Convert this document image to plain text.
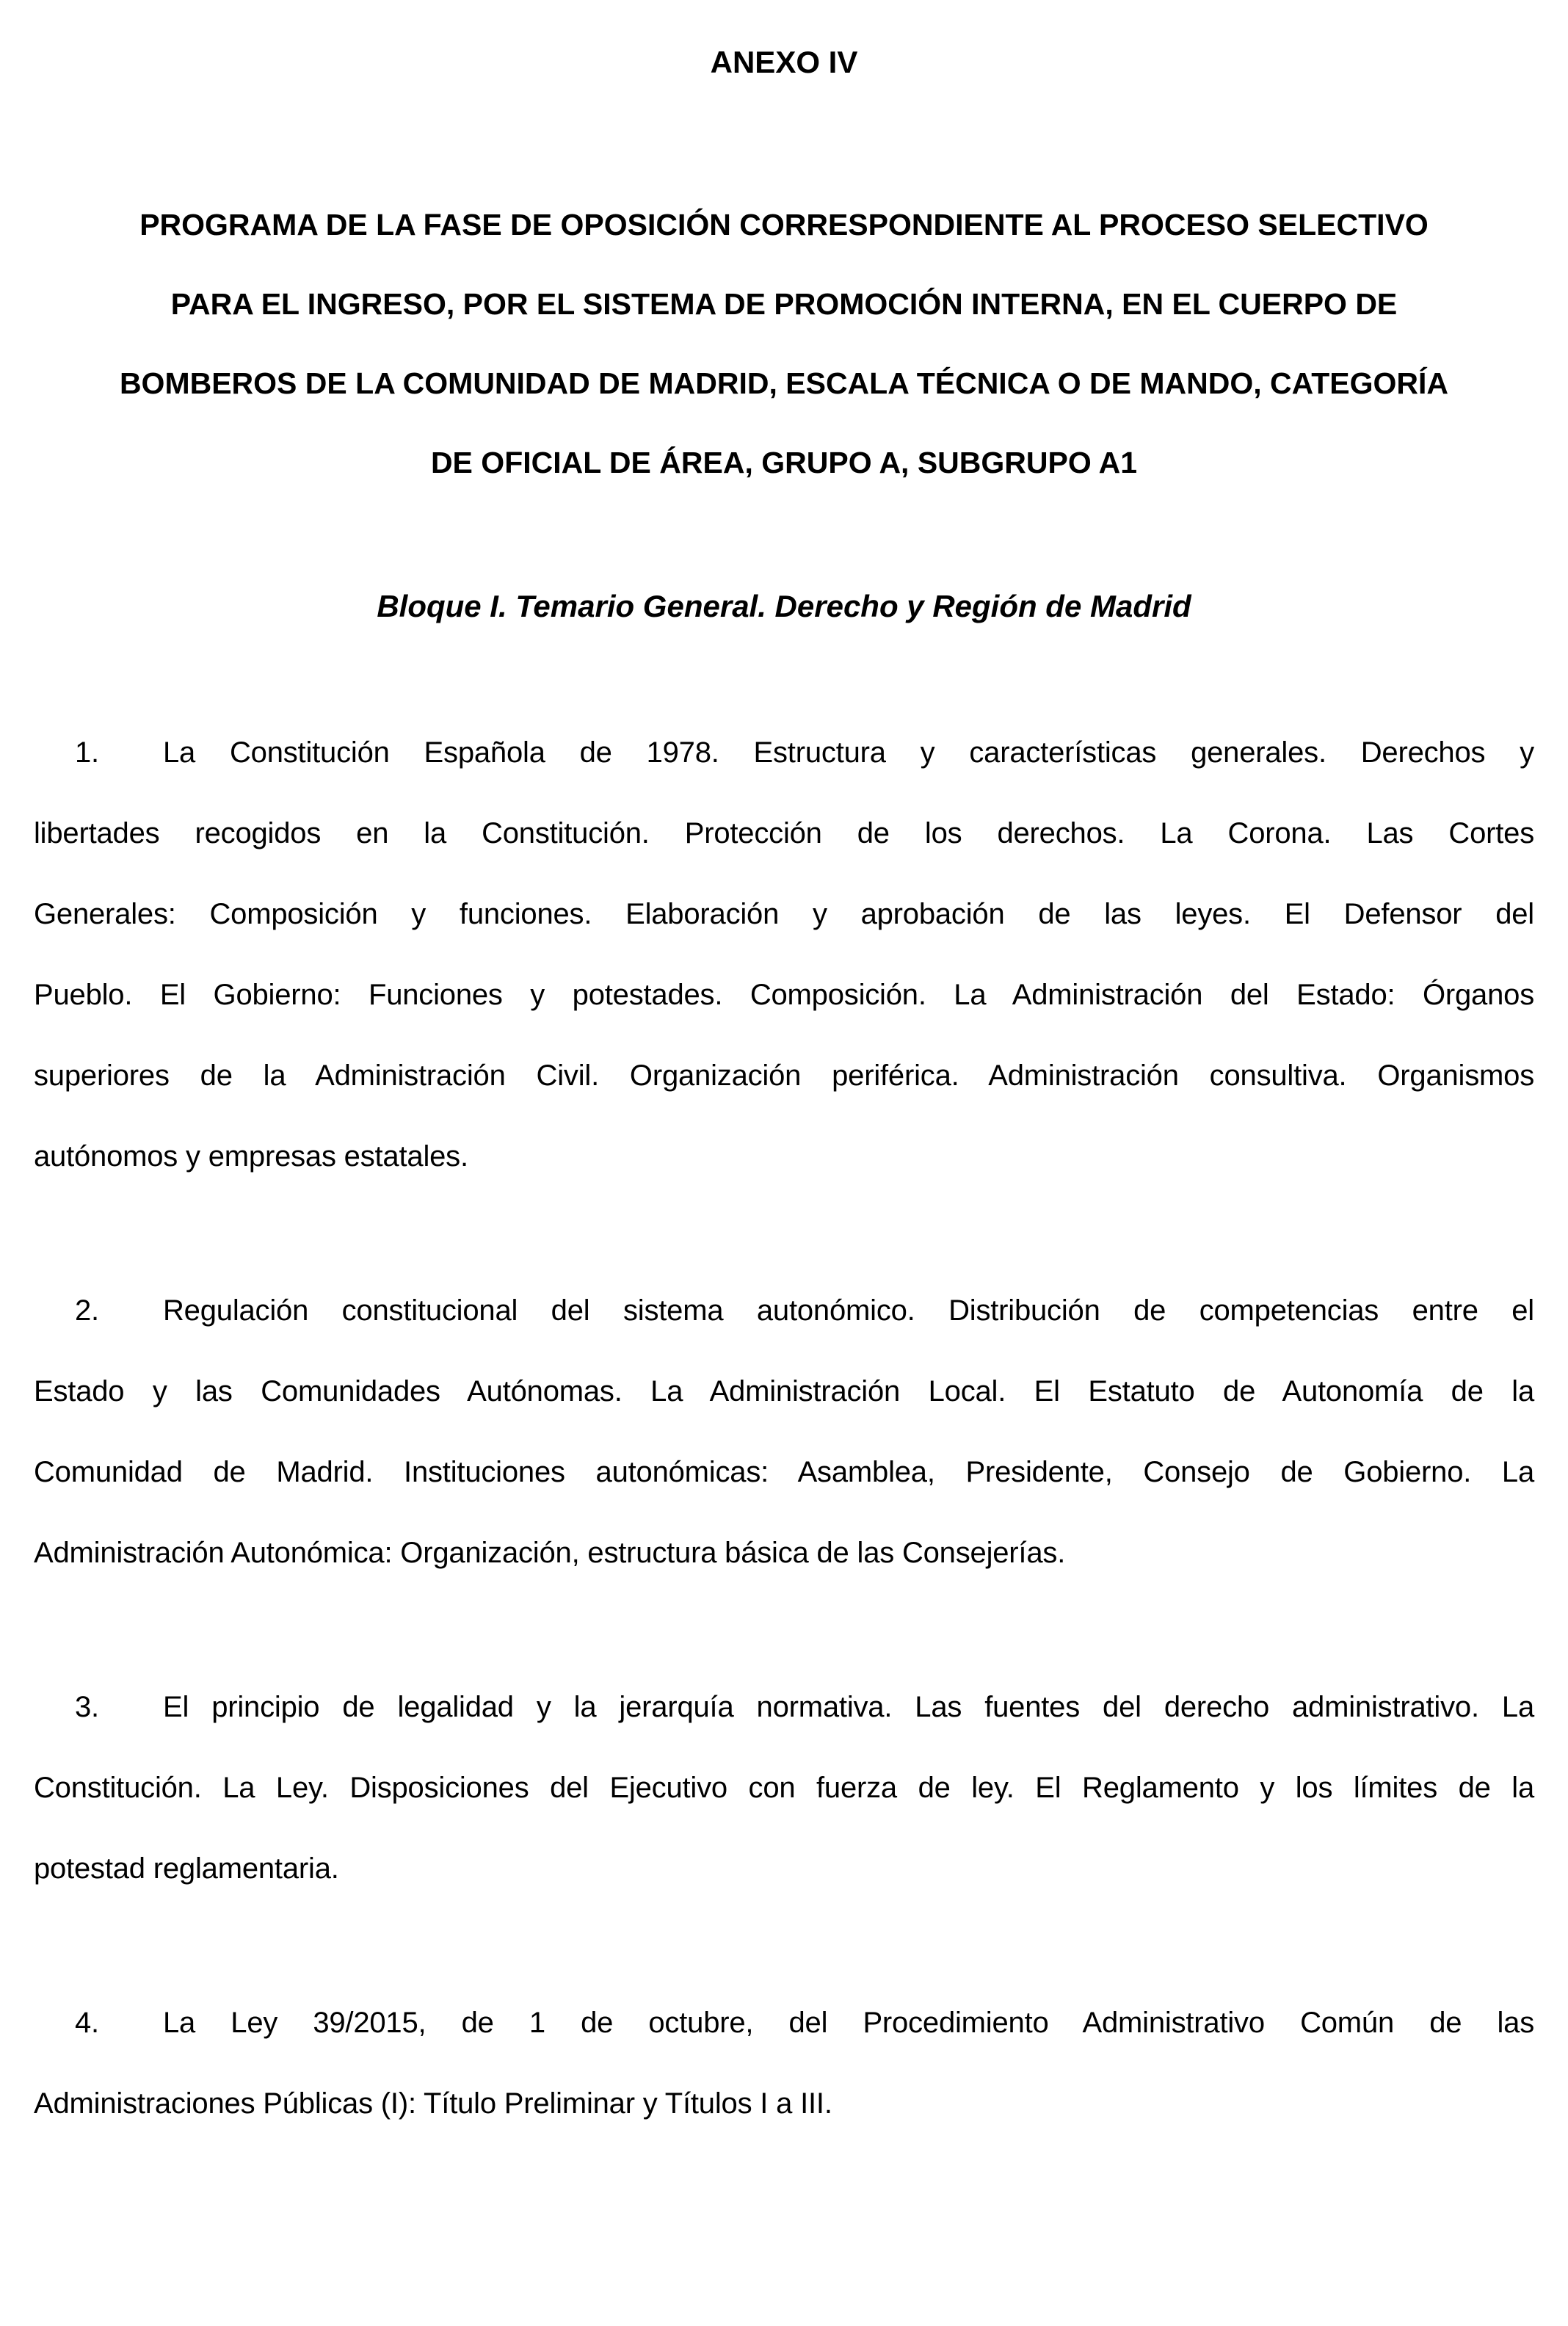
ANEXO IV
PROGRAMA DE LA FASE DE OPOSICIÓN CORRESPONDIENTE AL PROCESO SELECTIVO
PARA EL INGRESO, POR EL SISTEMA DE PROMOCIÓN INTERNA, EN EL CUERPO DE
BOMBEROS DE LA COMUNIDAD DE MADRID, ESCALA TÉCNICA O DE MANDO, CATEGORÍA
DE OFICIAL DE ÁREA, GRUPO A, SUBGRUPO A1
Bloque I. Temario General. Derecho y Región de Madrid
1.	La Constitución Española de 1978. Estructura y características generales. Derechos y
libertades recogidos en la Constitución. Protección de los derechos. La Corona. Las Cortes
Generales: Composición y funciones. Elaboración y aprobación de las leyes. El Defensor del
Pueblo. El Gobierno: Funciones y potestades. Composición. La Administración del Estado: Órganos
superiores de la Administración Civil. Organización periférica. Administración consultiva. Organismos
autónomos y empresas estatales.
2.	Regulación constitucional del sistema autonómico. Distribución de competencias entre el
Estado y las Comunidades Autónomas. La Administración Local. El Estatuto de Autonomía de la
Comunidad de Madrid. Instituciones autonómicas: Asamblea, Presidente, Consejo de Gobierno. La
Administración Autonómica: Organización, estructura básica de las Consejerías.
3.	El principio de legalidad y la jerarquía normativa. Las fuentes del derecho administrativo. La
Constitución. La Ley. Disposiciones del Ejecutivo con fuerza de ley. El Reglamento y los límites de la
potestad reglamentaria.
4.	La Ley 39/2015, de 1 de octubre, del Procedimiento Administrativo Común de las
Administraciones Públicas (I): Título Preliminar y Títulos I a III.
